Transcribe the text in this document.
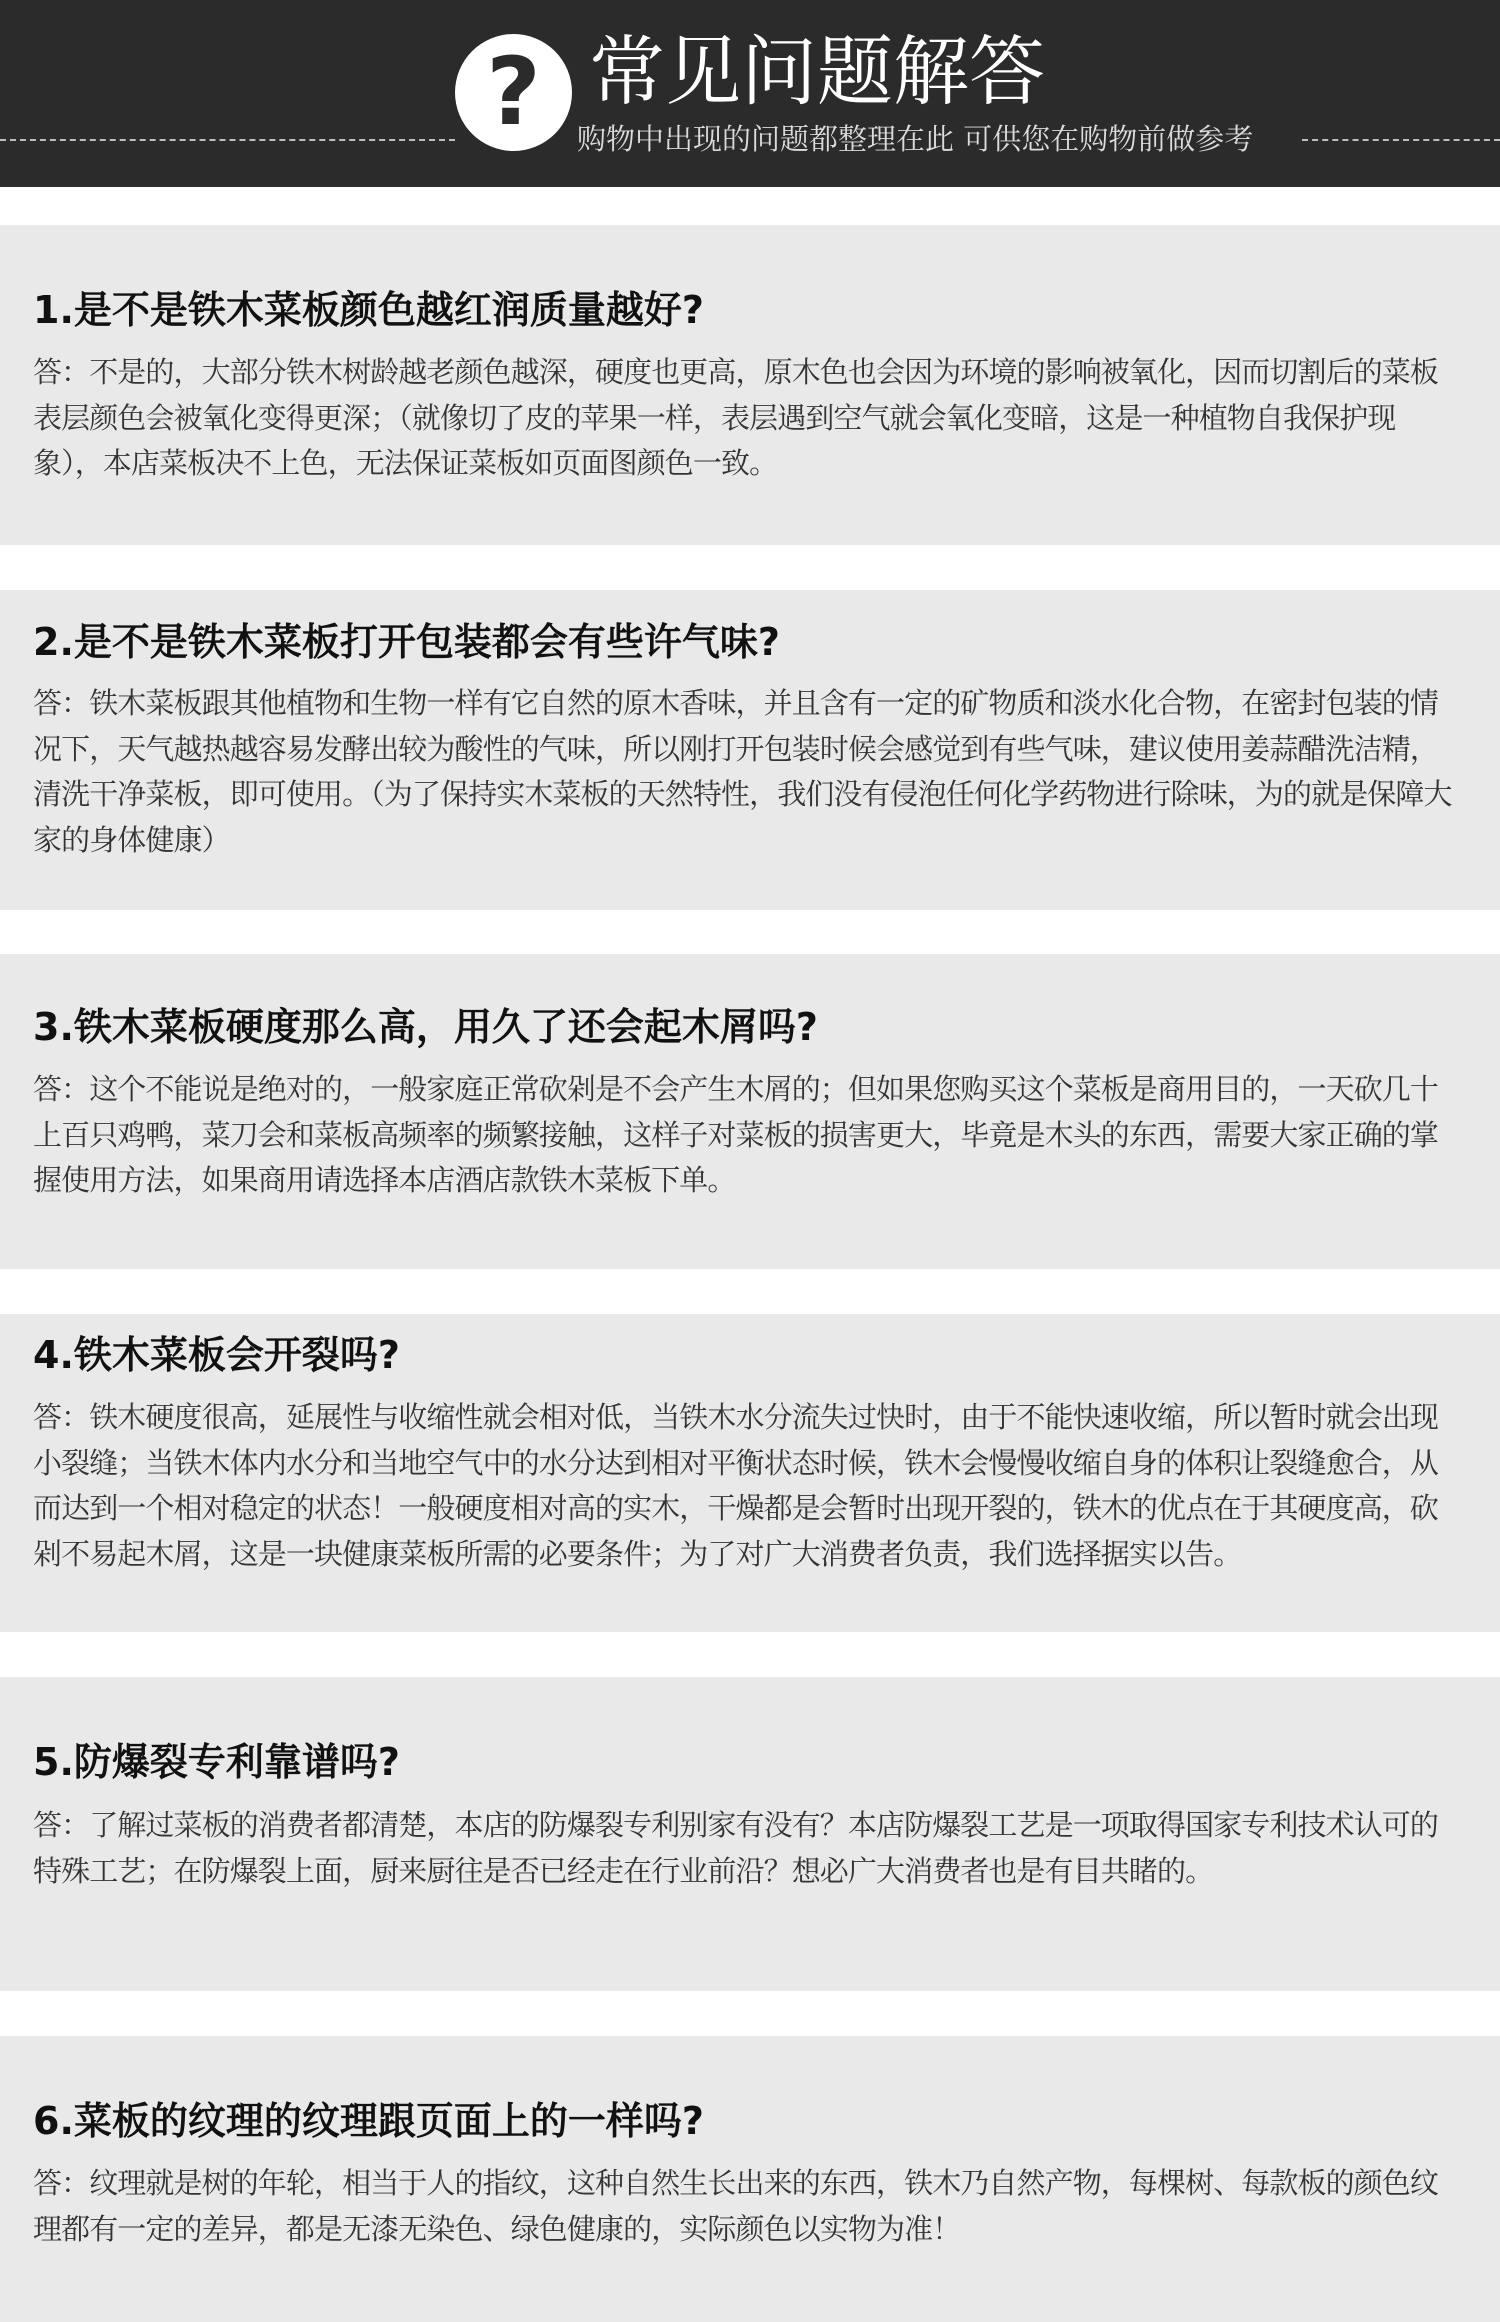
? 常见问题解答
购物中出现的问题都整理在此 可供您在购物前做参考
1.是不是铁木菜板颜色越红润质量越好?
答：不是的，大部分铁木树龄越老颜色越深，硬度也更高，原木色也会因为环境的影响被氧化，因而切割后的菜板表层颜色会被氧化变得更深；（就像切了皮的苹果一样，表层遇到空气就会氧化变暗，这是一种植物自我保护现象），本店菜板决不上色，无法保证菜板如页面图颜色一致。
2.是不是铁木菜板打开包装都会有些许气味?
答：铁木菜板跟其他植物和生物一样有它自然的原木香味，并且含有一定的矿物质和淡水化合物，在密封包装的情况下，天气越热越容易发酵出较为酸性的气味，所以刚打开包装时候会感觉到有些气味，建议使用姜蒜醋洗洁精，清洗干净菜板，即可使用。（为了保持实木菜板的天然特性，我们没有侵泡任何化学药物进行除味，为的就是保障大家的身体健康）
3.铁木菜板硬度那么高，用久了还会起木屑吗?
答：这个不能说是绝对的，一般家庭正常砍剁是不会产生木屑的；但如果您购买这个菜板是商用目的，一天砍几十上百只鸡鸭，菜刀会和菜板高频率的频繁接触，这样子对菜板的损害更大，毕竟是木头的东西，需要大家正确的掌握使用方法，如果商用请选择本店酒店款铁木菜板下单。
4.铁木菜板会开裂吗?
答：铁木硬度很高，延展性与收缩性就会相对低，当铁木水分流失过快时，由于不能快速收缩，所以暂时就会出现小裂缝；当铁木体内水分和当地空气中的水分达到相对平衡状态时候，铁木会慢慢收缩自身的体积让裂缝愈合，从而达到一个相对稳定的状态！一般硬度相对高的实木，干燥都是会暂时出现开裂的，铁木的优点在于其硬度高，砍剁不易起木屑，这是一块健康菜板所需的必要条件；为了对广大消费者负责，我们选择据实以告。
5.防爆裂专利靠谱吗?
答：了解过菜板的消费者都清楚，本店的防爆裂专利别家有没有？本店防爆裂工艺是一项取得国家专利技术认可的特殊工艺；在防爆裂上面，厨来厨往是否已经走在行业前沿？想必广大消费者也是有目共睹的。
6.菜板的纹理的纹理跟页面上的一样吗?
答：纹理就是树的年轮，相当于人的指纹，这种自然生长出来的东西，铁木乃自然产物，每棵树、每款板的颜色纹理都有一定的差异，都是无漆无染色、绿色健康的，实际颜色以实物为准！
